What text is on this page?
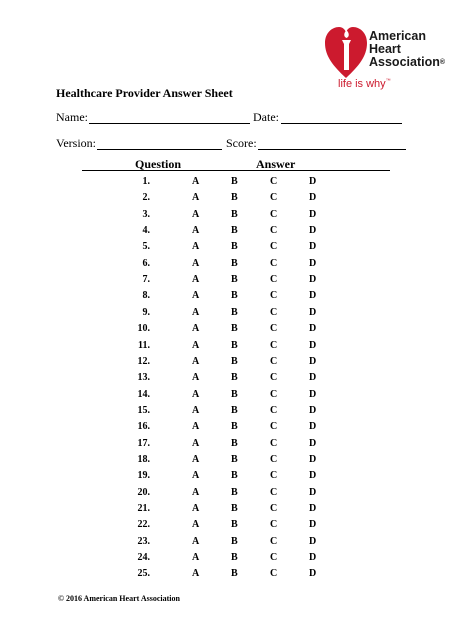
American
Heart
Association®
life is why™
Healthcare Provider Answer Sheet
Name:	Date:
Version:	Score:
Question	Answer
1.	A	B	C	D
2.	A	B	C	D
3.	A	B	C	D
4.	A	B	C	D
5.	A	B	C	D
6.	A	B	C	D
7.	A	B	C	D
8.	A	B	C	D
9.	A	B	C	D
10.	A	B	C	D
11.	A	B	C	D
12.	A	B	C	D
13.	A	B	C	D
14.	A	B	C	D
15.	A	B	C	D
16.	A	B	C	D
17.	A	B	C	D
18.	A	B	C	D
19.	A	B	C	D
20.	A	B	C	D
21.	A	B	C	D
22.	A	B	C	D
23.	A	B	C	D
24.	A	B	C	D
25.	A	B	C	D
© 2016 American Heart Association
